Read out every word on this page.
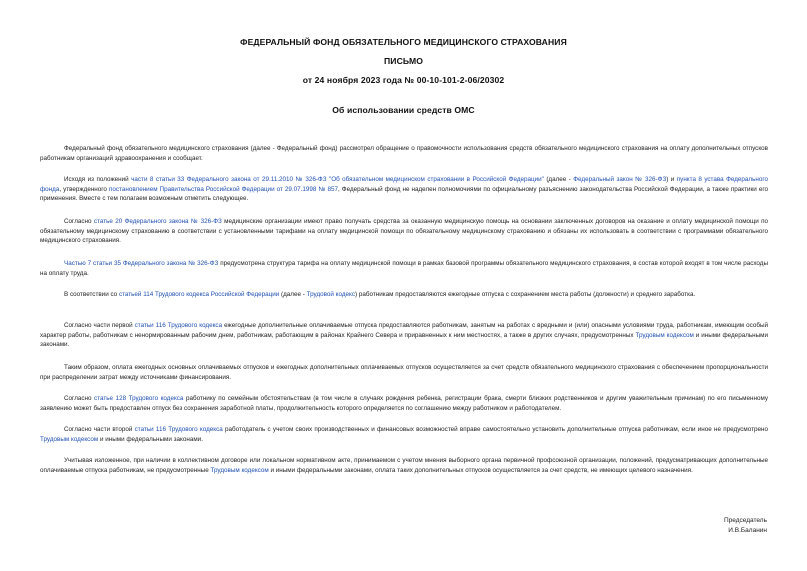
ФЕДЕРАЛЬНЫЙ ФОНД ОБЯЗАТЕЛЬНОГО МЕДИЦИНСКОГО СТРАХОВАНИЯ
ПИСЬМО
от 24 ноября 2023 года № 00-10-101-2-06/20302
Об использовании средств ОМС
Федеральный фонд обязательного медицинского страхования (далее - Федеральный фонд) рассмотрел обращение о правомочности использования средств обязательного медицинского страхования на оплату дополнительных отпусков работникам организаций здравоохранения и сообщает.
Исходя из положений части 8 статьи 33 Федерального закона от 29.11.2010 № 326-ФЗ "Об обязательном медицинском страховании в Российской Федерации" (далее - Федеральный закон № 326-ФЗ) и пункта 8 устава Федерального фонда, утвержденного постановлением Правительства Российской Федерации от 29.07.1998 № 857, Федеральный фонд не наделен полномочиями по официальному разъяснению законодательства Российской Федерации, а также практики его применения. Вместе с тем полагаем возможным отметить следующее.
Согласно статье 20 Федерального закона № 326-ФЗ медицинские организации имеют право получать средства за оказанную медицинскую помощь на основании заключенных договоров на оказание и оплату медицинской помощи по обязательному медицинскому страхованию в соответствии с установленными тарифами на оплату медицинской помощи по обязательному медицинскому страхованию и обязаны их использовать в соответствии с программами обязательного медицинского страхования.
Частью 7 статьи 35 Федерального закона № 326-ФЗ предусмотрена структура тарифа на оплату медицинской помощи в рамках базовой программы обязательного медицинского страхования, в состав которой входят в том числе расходы на оплату труда.
В соответствии со статьей 114 Трудового кодекса Российской Федерации (далее - Трудовой кодекс) работникам предоставляются ежегодные отпуска с сохранением места работы (должности) и среднего заработка.
Согласно части первой статьи 116 Трудового кодекса ежегодные дополнительные оплачиваемые отпуска предоставляются работникам, занятым на работах с вредными и (или) опасными условиями труда, работникам, имеющим особый характер работы, работникам с ненормированным рабочим днем, работникам, работающим в районах Крайнего Севера и приравненных к ним местностях, а также в других случаях, предусмотренных Трудовым кодексом и иными федеральными законами.
Таким образом, оплата ежегодных основных оплачиваемых отпусков и ежегодных дополнительных оплачиваемых отпусков осуществляется за счет средств обязательного медицинского страхования с обеспечением пропорциональности при распределении затрат между источниками финансирования.
Согласно статье 128 Трудового кодекса работнику по семейным обстоятельствам (в том числе в случаях рождения ребенка, регистрации брака, смерти близких родственников и другим уважительным причинам) по его письменному заявлению может быть предоставлен отпуск без сохранения заработной платы, продолжительность которого определяется по соглашению между работником и работодателем.
Согласно части второй статьи 116 Трудового кодекса работодатель с учетом своих производственных и финансовых возможностей вправе самостоятельно установить дополнительные отпуска работникам, если иное не предусмотрено Трудовым кодексом и иными федеральными законами.
Учитывая изложенное, при наличии в коллективном договоре или локальном нормативном акте, принимаемом с учетом мнения выборного органа первичной профсоюзной организации, положений, предусматривающих дополнительные оплачиваемые отпуска работникам, не предусмотренные Трудовым кодексом и иными федеральными законами, оплата таких дополнительных отпусков осуществляется за счет средств, не имеющих целевого назначения.
Председатель
И.В.Баланин
